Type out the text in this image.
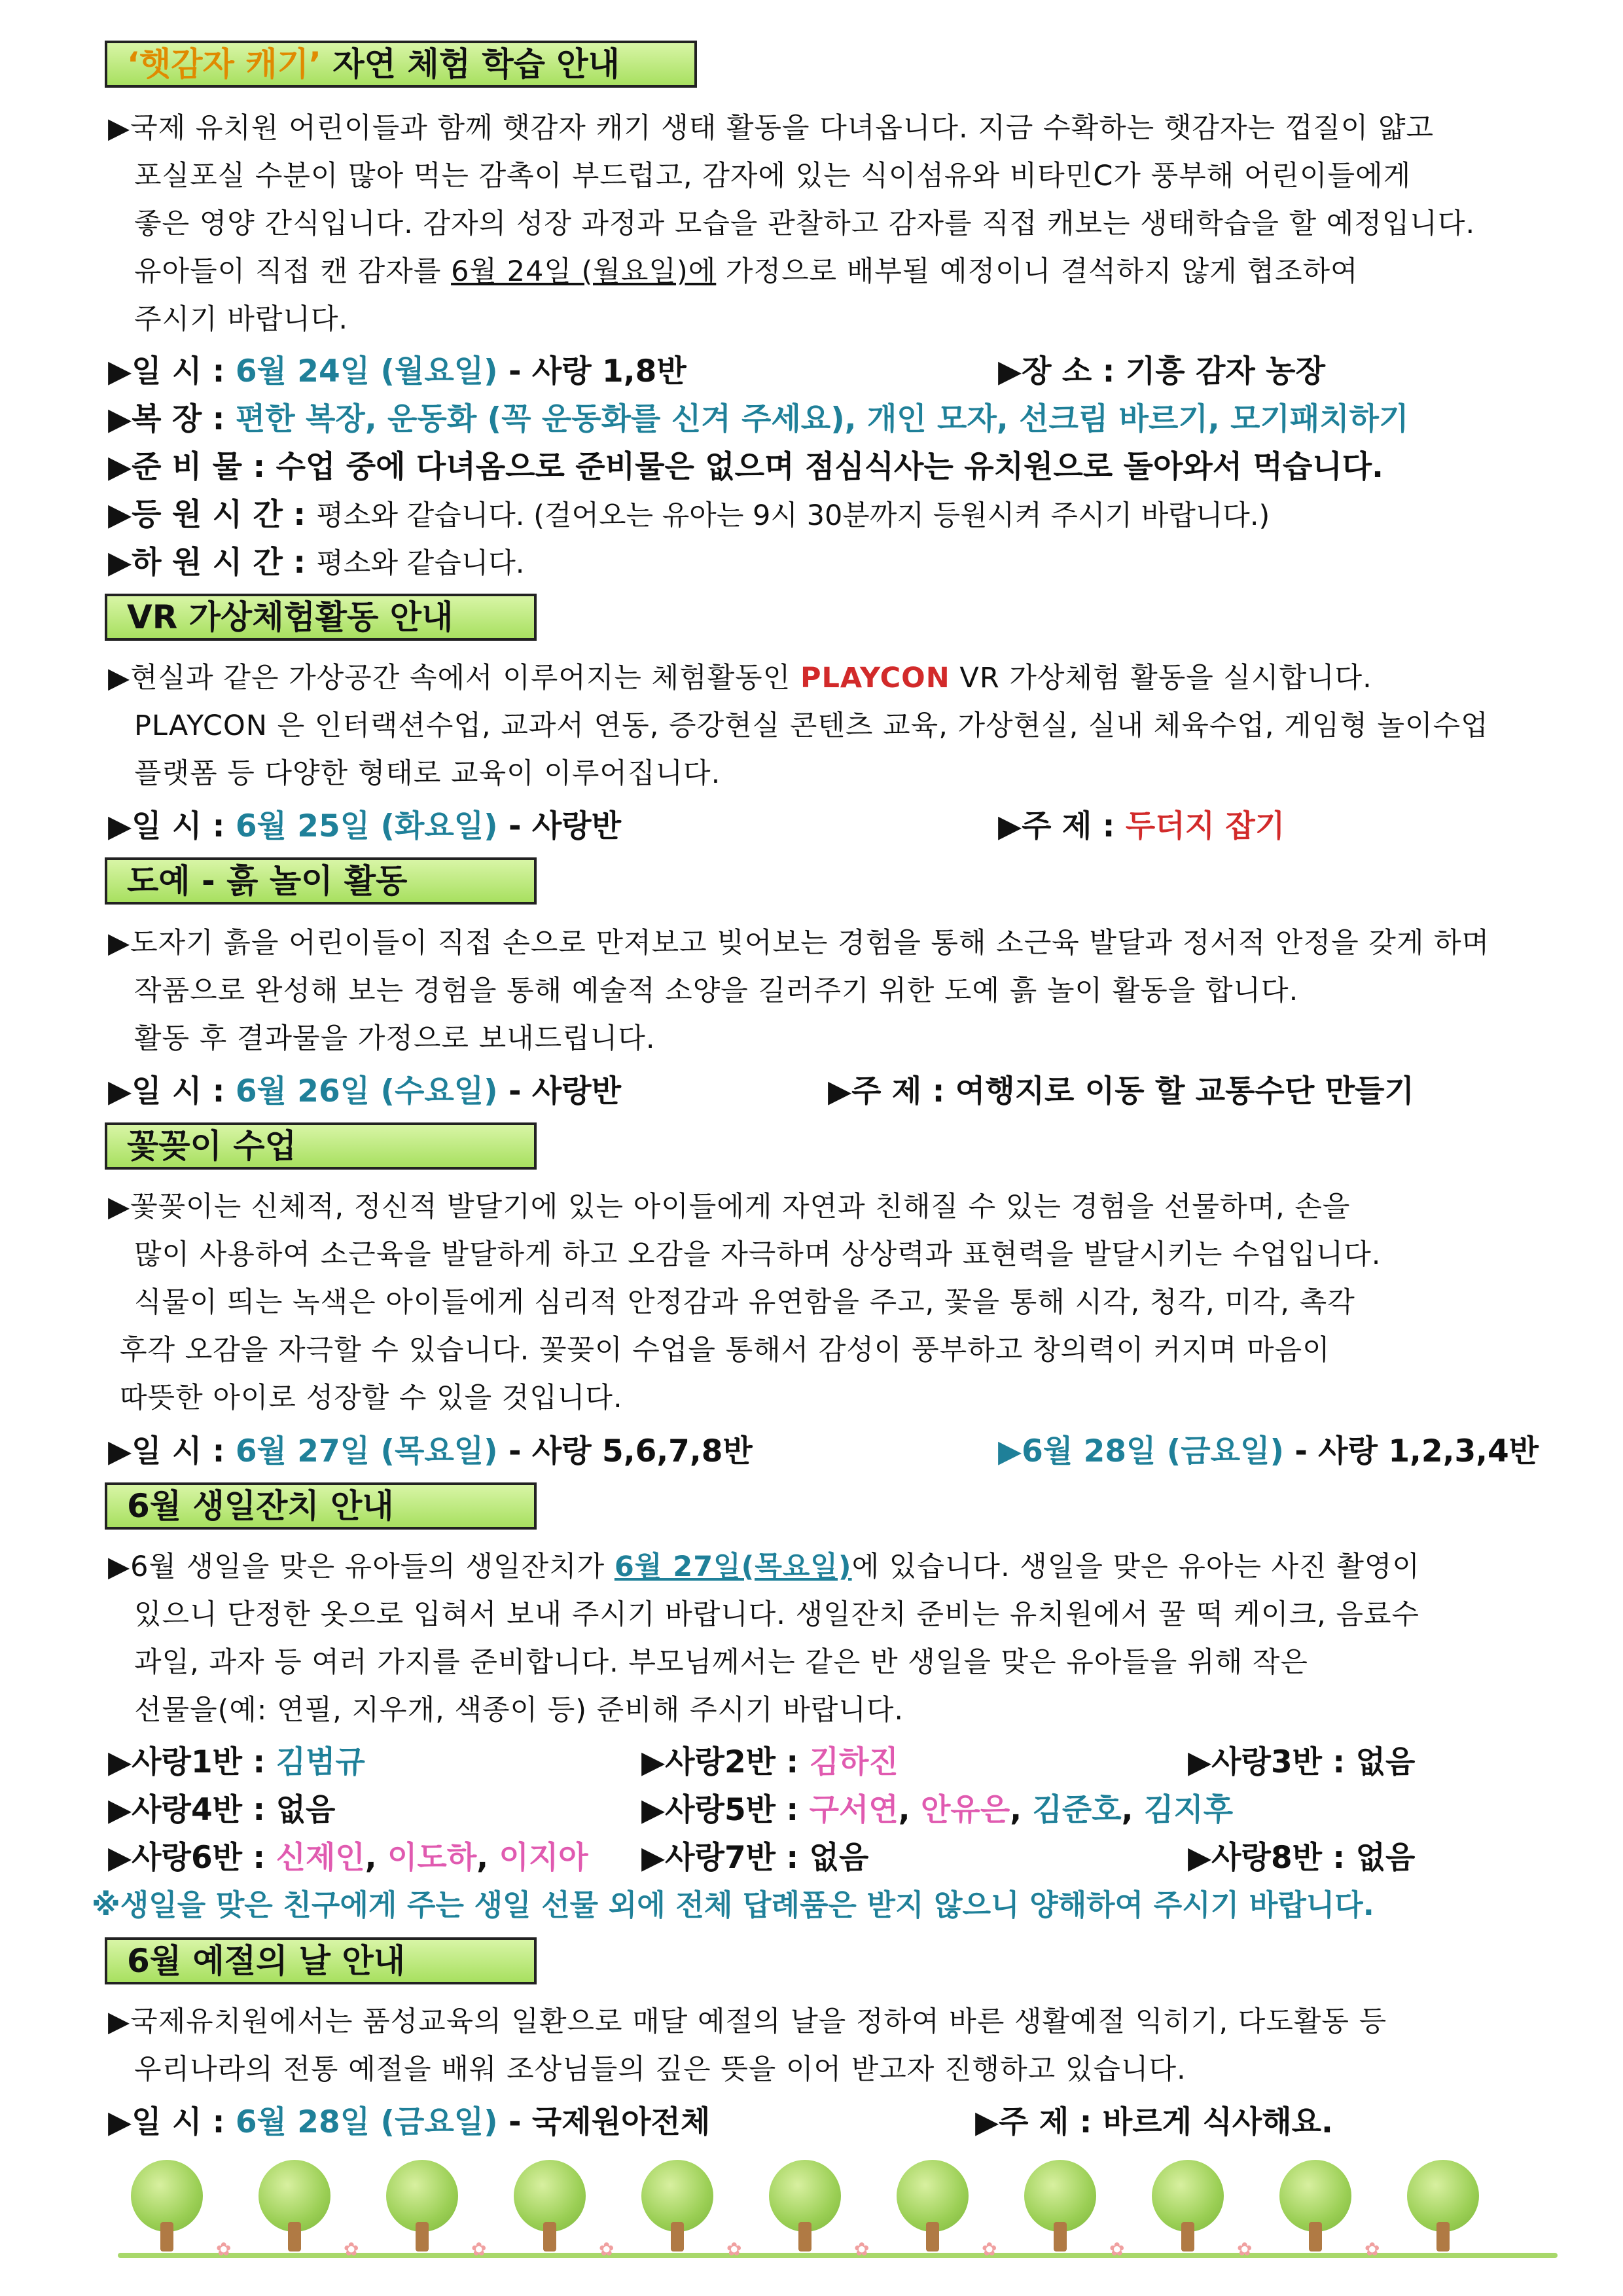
‘햇감자 캐기’ 자연 체험 학습 안내

▶ 국제 유치원 어린이들과 함께 햇감자 캐기 생태 활동을 다녀옵니다. 지금 수확하는 햇감자는 껍질이 얇고

포실포실 수분이 많아 먹는 감촉이 부드럽고, 감자에 있는 식이섬유와 비타민C가 풍부해 어린이들에게

좋은 영양 간식입니다. 감자의 성장 과정과 모습을 관찰하고 감자를 직접 캐보는 생태학습을 할 예정입니다.

유아들이 직접 캔 감자를 6월 24일 (월요일)에 가정으로 배부될 예정이니 결석하지 않게 협조하여

주시기 바랍니다.

▶일 시 : 6월 24일 (월요일) - 사랑 1,8반	▶장 소 : 기흥 감자 농장
▶복 장 : 편한 복장, 운동화 (꼭 운동화를 신겨 주세요), 개인 모자, 선크림 바르기, 모기패치하기
▶준 비 물 : 수업 중에 다녀옴으로 준비물은 없으며 점심식사는 유치원으로 돌아와서 먹습니다.
▶등 원 시 간 : 평소와 같습니다. (걸어오는 유아는 9시 30분까지 등원시켜 주시기 바랍니다.)
▶하 원 시 간 : 평소와 같습니다.
VR 가상체험활동 안내

▶ 현실과 같은 가상공간 속에서 이루어지는 체험활동인 PLAYCON VR 가상체험 활동을 실시합니다.

PLAYCON 은 인터랙션수업, 교과서 연동, 증강현실 콘텐츠 교육, 가상현실, 실내 체육수업, 게임형 놀이수업

플랫폼 등 다양한 형태로 교육이 이루어집니다.

▶일 시 : 6월 25일 (화요일) - 사랑반	▶주 제 : 두더지 잡기
도예 - 흙 놀이 활동

▶ 도자기 흙을 어린이들이 직접 손으로 만져보고 빚어보는 경험을 통해 소근육 발달과 정서적 안정을 갖게 하며

작품으로 완성해 보는 경험을 통해 예술적 소양을 길러주기 위한 도예 흙 놀이 활동을 합니다.

활동 후 결과물을 가정으로 보내드립니다.

▶일 시 : 6월 26일 (수요일) - 사랑반	▶주 제 : 여행지로 이동 할 교통수단 만들기
꽃꽂이 수업

▶ 꽃꽂이는 신체적, 정신적 발달기에 있는 아이들에게 자연과 친해질 수 있는 경험을 선물하며, 손을

많이 사용하여 소근육을 발달하게 하고 오감을 자극하며 상상력과 표현력을 발달시키는 수업입니다.

식물이 띄는 녹색은 아이들에게 심리적 안정감과 유연함을 주고, 꽃을 통해 시각, 청각, 미각, 촉각

후각 오감을 자극할 수 있습니다. 꽃꽂이 수업을 통해서 감성이 풍부하고 창의력이 커지며 마음이

따뜻한 아이로 성장할 수 있을 것입니다.

▶일 시 : 6월 27일 (목요일) - 사랑 5,6,7,8반	▶6월 28일 (금요일) - 사랑 1,2,3,4반
6월 생일잔치 안내

▶ 6월 생일을 맞은 유아들의 생일잔치가 6월 27일(목요일)에 있습니다. 생일을 맞은 유아는 사진 촬영이

있으니 단정한 옷으로 입혀서 보내 주시기 바랍니다. 생일잔치 준비는 유치원에서 꿀 떡 케이크, 음료수

과일, 과자 등 여러 가지를 준비합니다. 부모님께서는 같은 반 생일을 맞은 유아들을 위해 작은

선물을(예: 연필, 지우개, 색종이 등) 준비해 주시기 바랍니다.

▶사랑1반 : 김범규	▶사랑2반 : 김하진	▶사랑3반 : 없음
▶사랑4반 : 없음	▶사랑5반 : 구서연, 안유은, 김준호, 김지후
▶사랑6반 : 신제인, 이도하, 이지아 ▶사랑7반 : 없음	▶사랑8반 : 없음
※생일을 맞은 친구에게 주는 생일 선물 외에 전체 답례품은 받지 않으니 양해하여 주시기 바랍니다.
6월 예절의 날 안내

▶ 국제유치원에서는 품성교육의 일환으로 매달 예절의 날을 정하여 바른 생활예절 익히기, 다도활동 등

우리나라의 전통 예절을 배워 조상님들의 깊은 뜻을 이어 받고자 진행하고 있습니다.

▶일 시 : 6월 28일 (금요일) - 국제원아전체	▶주 제 : 바르게 식사해요.
✿	✿	✿	✿	✿	✿	✿	✿	✿	✿
